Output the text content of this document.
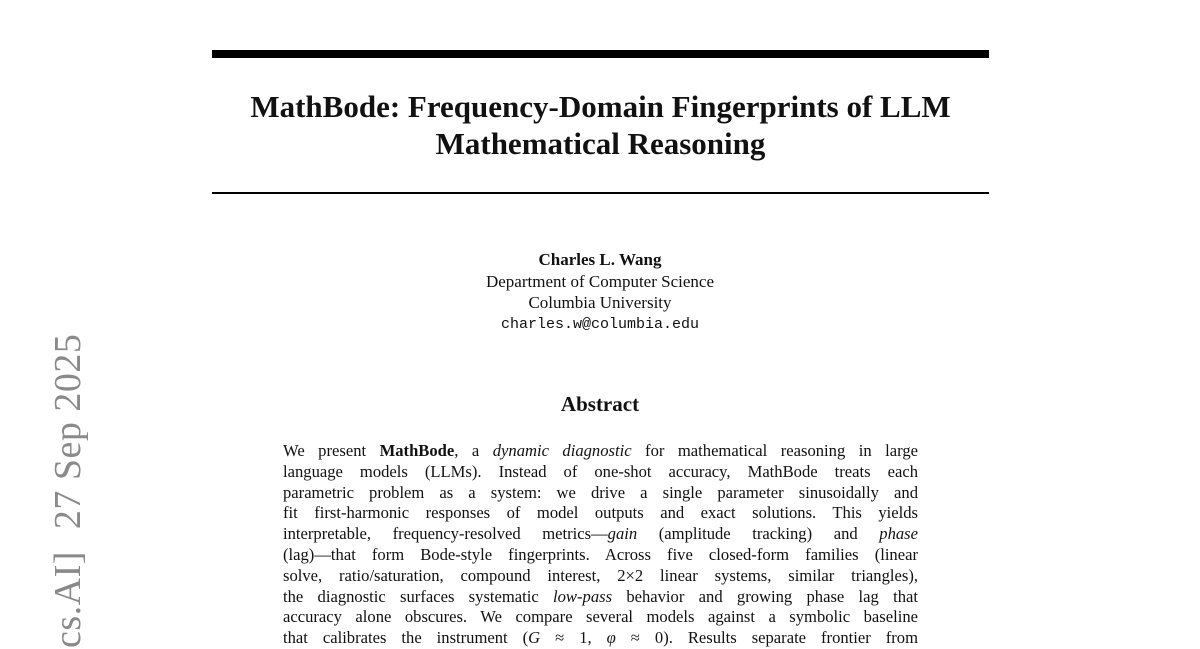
MathBode: Frequency-Domain Fingerprints of LLM
Mathematical Reasoning
Charles L. Wang
Department of Computer Science
Columbia University
charles.w@columbia.edu
Abstract
We present MathBode, a dynamic diagnostic for mathematical reasoning in large
language models (LLMs). Instead of one-shot accuracy, MathBode treats each
parametric problem as a system: we drive a single parameter sinusoidally and
fit first-harmonic responses of model outputs and exact solutions. This yields
interpretable, frequency-resolved metrics—gain (amplitude tracking) and phase
(lag)—that form Bode-style fingerprints. Across five closed-form families (linear
solve, ratio/saturation, compound interest, 2×2 linear systems, similar triangles),
the diagnostic surfaces systematic low-pass behavior and growing phase lag that
accuracy alone obscures. We compare several models against a symbolic baseline
that calibrates the instrument (G ≈ 1, φ ≈ 0). Results separate frontier from
cs.AI]27 Sep 2025
